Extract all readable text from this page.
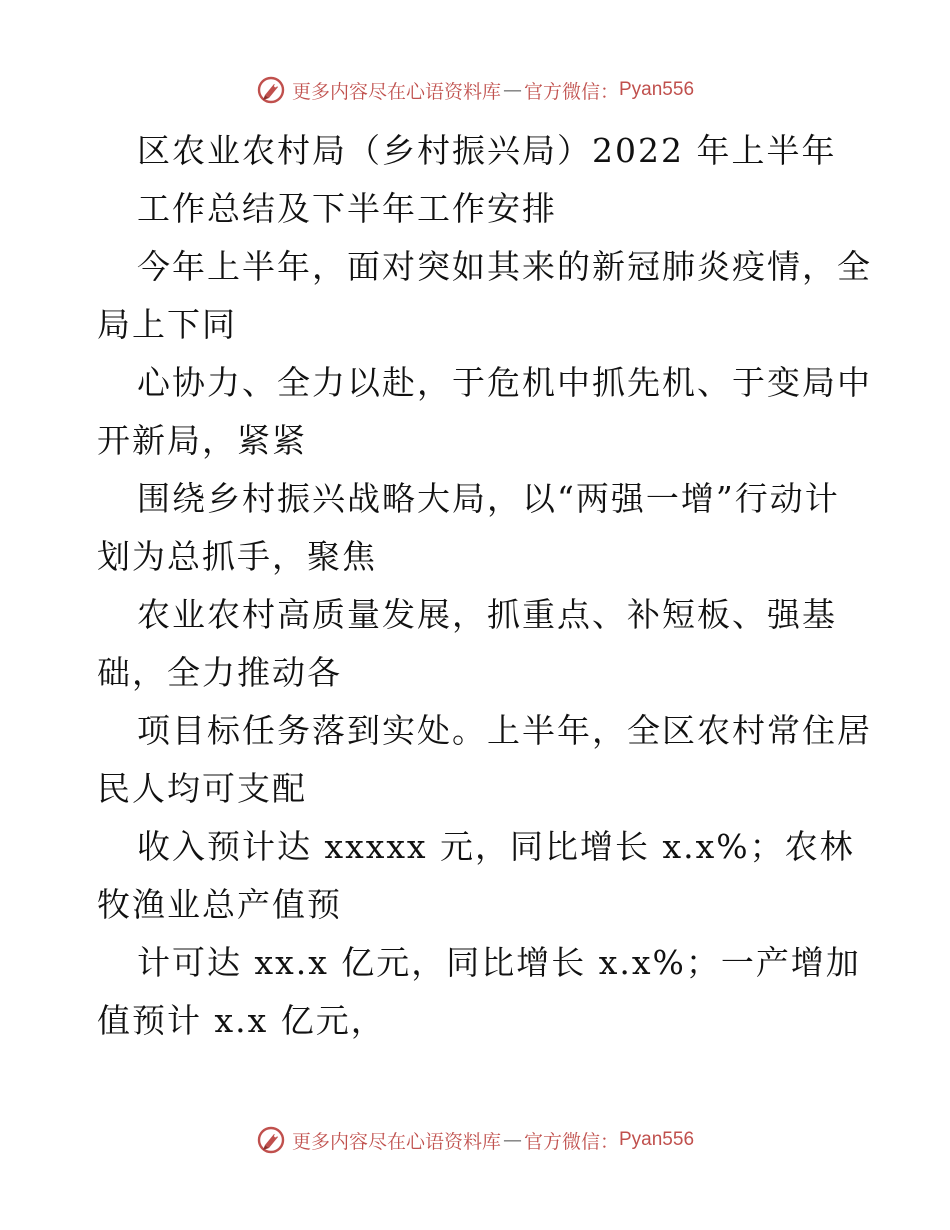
更多内容尽在心语资料库 — 官方微信： Pyan556
区农业农村局（乡村振兴局）2022 年上半年
工作总结及下半年工作安排
今年上半年，面对突如其来的新冠肺炎疫情，全
局上下同
心协力、全力以赴，于危机中抓先机、于变局中
开新局，紧紧
围绕乡村振兴战略大局，以“两强一增”行动计
划为总抓手，聚焦
农业农村高质量发展，抓重点、补短板、强基
础，全力推动各
项目标任务落到实处。上半年，全区农村常住居
民人均可支配
收入预计达 xxxxx 元，同比增长 x.x%；农林
牧渔业总产值预
计可达 xx.x 亿元，同比增长 x.x%；一产增加
值预计 x.x 亿元，
更多内容尽在心语资料库 — 官方微信： Pyan556
